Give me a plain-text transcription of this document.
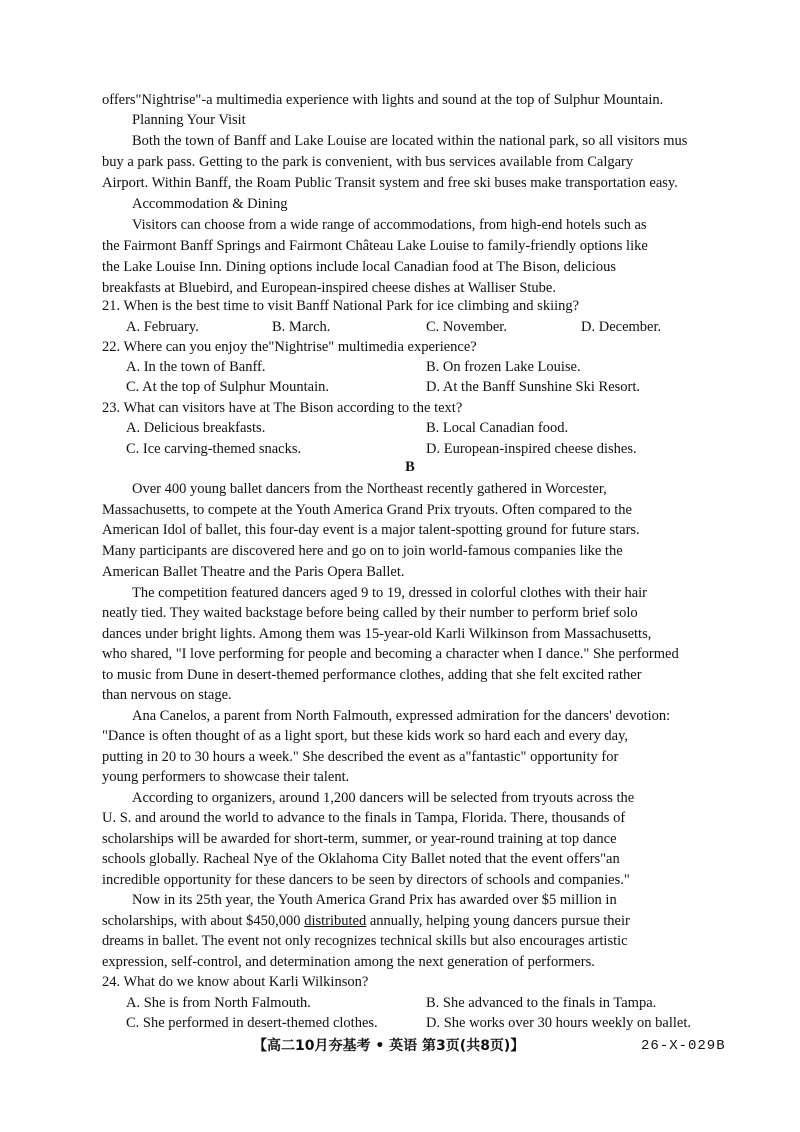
offers"Nightrise"-a multimedia experience with lights and sound at the top of Sulphur Mountain.
Planning Your Visit
Both the town of Banff and Lake Louise are located within the national park, so all visitors mus
buy a park pass. Getting to the park is convenient, with bus services available from Calgary
Airport. Within Banff, the Roam Public Transit system and free ski buses make transportation easy.
Accommodation & Dining
Visitors can choose from a wide range of accommodations, from high-end hotels such as
the Fairmont Banff Springs and Fairmont Château Lake Louise to family-friendly options like
the Lake Louise Inn. Dining options include local Canadian food at The Bison, delicious
breakfasts at Bluebird, and European-inspired cheese dishes at Walliser Stube.
21. When is the best time to visit Banff National Park for ice climbing and skiing?
A. February.	B. March.	C. November.	D. December.
22. Where can you enjoy the"Nightrise" multimedia experience?
A. In the town of Banff.	B. On frozen Lake Louise.
C. At the top of Sulphur Mountain.	D. At the Banff Sunshine Ski Resort.
23. What can visitors have at The Bison according to the text?
A. Delicious breakfasts.	B. Local Canadian food.
C. Ice carving-themed snacks.	D. European-inspired cheese dishes.
B
Over 400 young ballet dancers from the Northeast recently gathered in Worcester,
Massachusetts, to compete at the Youth America Grand Prix tryouts. Often compared to the
American Idol of ballet, this four-day event is a major talent-spotting ground for future stars.
Many participants are discovered here and go on to join world-famous companies like the
American Ballet Theatre and the Paris Opera Ballet.
The competition featured dancers aged 9 to 19, dressed in colorful clothes with their hair
neatly tied. They waited backstage before being called by their number to perform brief solo
dances under bright lights. Among them was 15-year-old Karli Wilkinson from Massachusetts,
who shared, "I love performing for people and becoming a character when I dance." She performed
to music from Dune in desert-themed performance clothes, adding that she felt excited rather
than nervous on stage.
Ana Canelos, a parent from North Falmouth, expressed admiration for the dancers' devotion:
"Dance is often thought of as a light sport, but these kids work so hard each and every day,
putting in 20 to 30 hours a week." She described the event as a"fantastic" opportunity for
young performers to showcase their talent.
According to organizers, around 1,200 dancers will be selected from tryouts across the
U. S. and around the world to advance to the finals in Tampa, Florida. There, thousands of
scholarships will be awarded for short-term, summer, or year-round training at top dance
schools globally. Racheal Nye of the Oklahoma City Ballet noted that the event offers"an
incredible opportunity for these dancers to be seen by directors of schools and companies."
Now in its 25th year, the Youth America Grand Prix has awarded over $5 million in
scholarships, with about $450,000 distributed annually, helping young dancers pursue their
dreams in ballet. The event not only recognizes technical skills but also encourages artistic
expression, self-control, and determination among the next generation of performers.
24. What do we know about Karli Wilkinson?
A. She is from North Falmouth.	B. She advanced to the finals in Tampa.
C. She performed in desert-themed clothes.	D. She works over 30 hours weekly on ballet.
【高二10月夯基考 • 英语 第3页(共8页)】	26-X-029B
